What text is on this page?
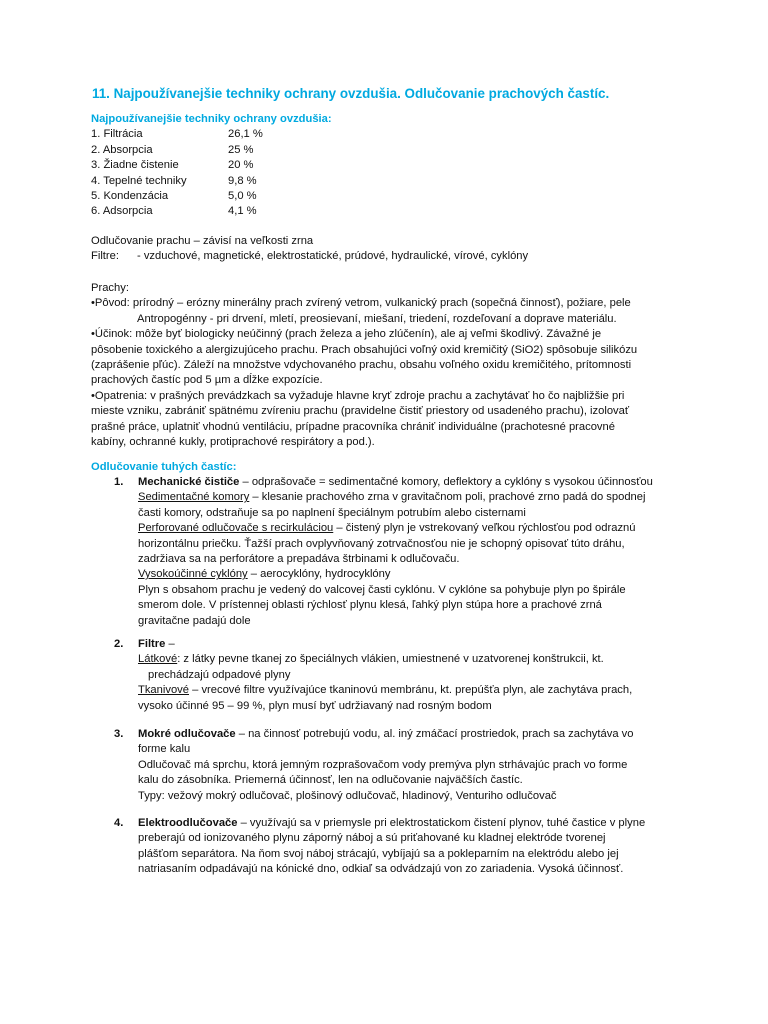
11. Najpoužívanejšie techniky ochrany ovzdušia. Odlučovanie prachových častíc.
Najpoužívanejšie techniky ochrany ovzdušia:
1. Filtrácia	26,1 %
2. Absorpcia	25 %
3. Žiadne čistenie	20 %
4. Tepelné techniky	9,8 %
5. Kondenzácia	5,0 %
6. Adsorpcia	4,1 %
Odlučovanie prachu – závisí na veľkosti zrna
Filtre: - vzduchové, magnetické, elektrostatické, prúdové, hydraulické, vírové, cyklóny
Prachy:
•Pôvod: prírodný – erózny minerálny prach zvírený vetrom, vulkanický prach (sopečná činnosť), požiare, pele
Antropogénny - pri drvení, mletí, preosievaní, miešaní, triedení, rozdeľovaní a doprave materiálu.
•Účinok: môže byť biologicky neúčinný (prach železa a jeho zlúčenín), ale aj veľmi škodlivý. Závažné je
pôsobenie toxického a alergizujúceho prachu. Prach obsahujúci voľný oxid kremičitý (SiO2) spôsobuje silikózu
(zaprášenie pľúc). Záleží na množstve vdychovaného prachu, obsahu voľného oxidu kremičitého, prítomnosti
prachových častíc pod 5 µm a dĺžke expozície.
•Opatrenia: v prašných prevádzkach sa vyžaduje hlavne kryť zdroje prachu a zachytávať ho čo najbližšie pri
mieste vzniku, zabrániť spätnému zvíreniu prachu (pravidelne čistiť priestory od usadeného prachu), izolovať
prašné práce, uplatniť vhodnú ventiláciu, prípadne pracovníka chrániť individuálne (prachotesné pracovné
kabíny, ochranné kukly, protiprachové respirátory a pod.).
Odlučovanie tuhých častíc:
1. Mechanické čističe – odprašovače = sedimentačné komory, deflektory a cyklóny s vysokou účinnosťou
Sedimentačné komory – klesanie prachového zrna v gravitačnom poli, prachové zrno padá do spodnej
časti komory, odstraňuje sa po naplnení špeciálnym potrubím alebo cisternami
Perforované odlučovače s recirkuláciou – čistený plyn je vstrekovaný veľkou rýchlosťou pod odraznú
horizontálnu priečku. Ťažší prach ovplyvňovaný zotrvačnosťou nie je schopný opisovať túto dráhu,
zadržiava sa na perforátore a prepadáva štrbinami k odlučovaču.
Vysokoúčinné cyklóny – aerocyklóny, hydrocyklóny
Plyn s obsahom prachu je vedený do valcovej časti cyklónu. V cyklóne sa pohybuje plyn po špirále
smerom dole. V prístennej oblasti rýchlosť plynu klesá, ľahký plyn stúpa hore a prachové zrná
gravitačne padajú dole
2. Filtre –
Látkové: z látky pevne tkanej zo špeciálnych vlákien, umiestnené v uzatvorenej konštrukcii, kt.
prechádzajú odpadové plyny
Tkanivové – vrecové filtre využívajúce tkaninovú membránu, kt. prepúšťa plyn, ale zachytáva prach,
vysoko účinné 95 – 99 %, plyn musí byť udržiavaný nad rosným bodom
3. Mokré odlučovače – na činnosť potrebujú vodu, al. iný zmáčací prostriedok, prach sa zachytáva vo
forme kalu
Odlučovač má sprchu, ktorá jemným rozprašovačom vody premýva plyn strhávajúc prach vo forme
kalu do zásobníka. Priemerná účinnosť, len na odlučovanie najväčších častíc.
Typy: vežový mokrý odlučovač, plošinový odlučovač, hladinový, Venturiho odlučovač
4. Elektroodlučovače – využívajú sa v priemysle pri elektrostatickom čistení plynov, tuhé častice v plyne
preberajú od ionizovaného plynu záporný náboj a sú priťahované ku kladnej elektróde tvorenej
plášťom separátora. Na ňom svoj náboj strácajú, vybíjajú sa a pokleparním na elektródu alebo jej
natriasaním odpadávajú na kónické dno, odkiaľ sa odvádzajú von zo zariadenia. Vysoká účinnosť.
